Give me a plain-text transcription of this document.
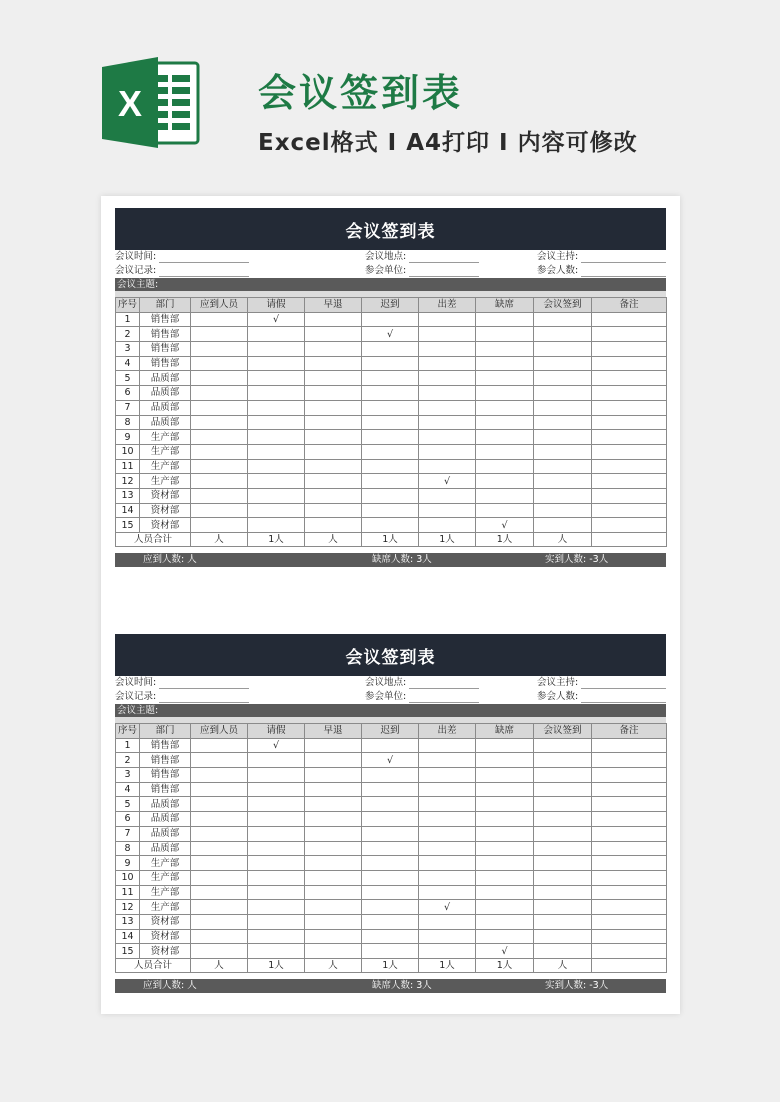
X	会议签到表
Excel格式 I A4打印 I 内容可修改
会议签到表
会议时间:	会议地点:	会议主持:
会议记录:	参会单位:	参会人数:
会议主题:
序号	部门	应到人员	请假	早退	迟到	出差	缺席	会议签到	备注
1	销售部		√						
2	销售部				√				
3	销售部								
4	销售部								
5	品质部								
6	品质部								
7	品质部								
8	品质部								
9	生产部								
10	生产部								
11	生产部								
12	生产部					√			
13	资材部								
14	资材部								
15	资材部						√		
人员合计		人	1人	人	1人	1人	1人	人	
应到人数: 人	缺席人数: 3人	实到人数: -3人
会议签到表
会议时间:	会议地点:	会议主持:
会议记录:	参会单位:	参会人数:
会议主题:
序号	部门	应到人员	请假	早退	迟到	出差	缺席	会议签到	备注
1	销售部		√						
2	销售部				√				
3	销售部								
4	销售部								
5	品质部								
6	品质部								
7	品质部								
8	品质部								
9	生产部								
10	生产部								
11	生产部								
12	生产部					√			
13	资材部								
14	资材部								
15	资材部						√		
人员合计		人	1人	人	1人	1人	1人	人	
应到人数: 人	缺席人数: 3人	实到人数: -3人
